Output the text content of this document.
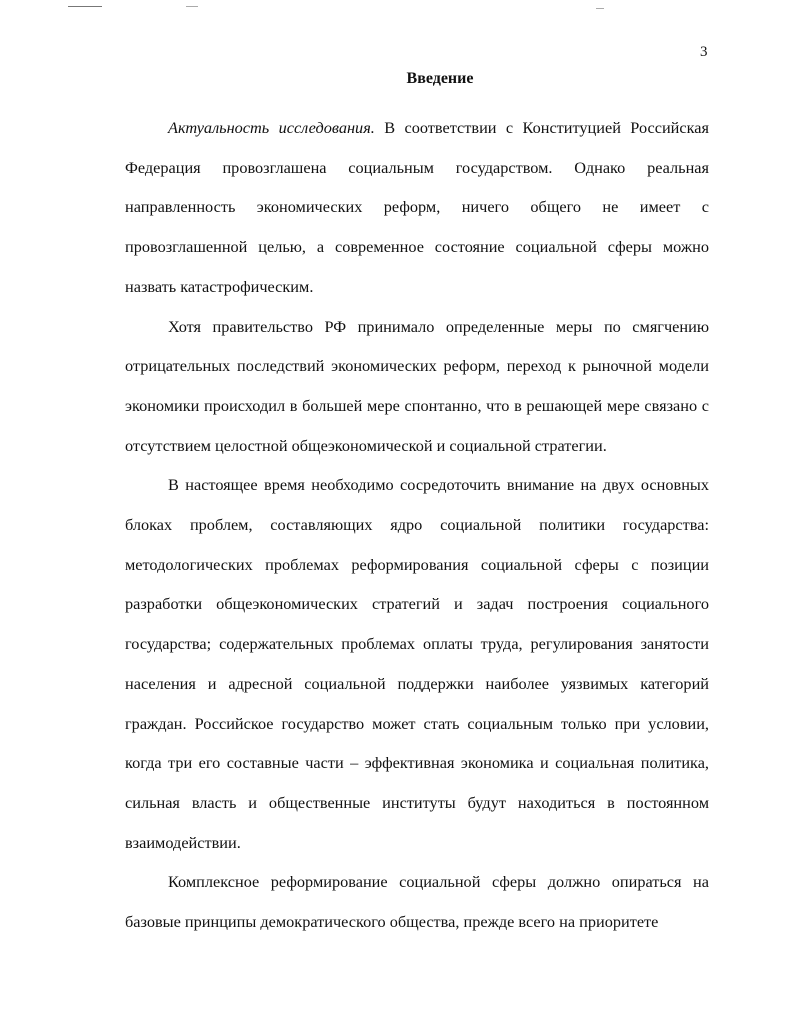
3
Введение

Актуальность исследования. В соответствии с Конституцией Российская Федерация провозглашена социальным государством. Однако реальная направленность экономических реформ, ничего общего не имеет с провозглашенной целью, а современное состояние социальной сферы можно назвать катастрофическим.

Хотя правительство РФ принимало определенные меры по смягчению отрицательных последствий экономических реформ, переход к рыночной модели экономики происходил в большей мере спонтанно, что в решающей мере связано с отсутствием целостной общеэкономической и социальной стратегии.

В настоящее время необходимо сосредоточить внимание на двух основных блоках проблем, составляющих ядро социальной политики государства: методологических проблемах реформирования социальной сферы с позиции разработки общеэкономических стратегий и задач построения социального государства; содержательных проблемах оплаты труда, регулирования занятости населения и адресной социальной поддержки наиболее уязвимых категорий граждан. Российское государство может стать социальным только при условии, когда три его составные части – эффективная экономика и социальная политика, сильная власть и общественные институты будут находиться в постоянном взаимодействии.

Комплексное реформирование социальной сферы должно опираться на базовые принципы демократического общества, прежде всего на приоритете
